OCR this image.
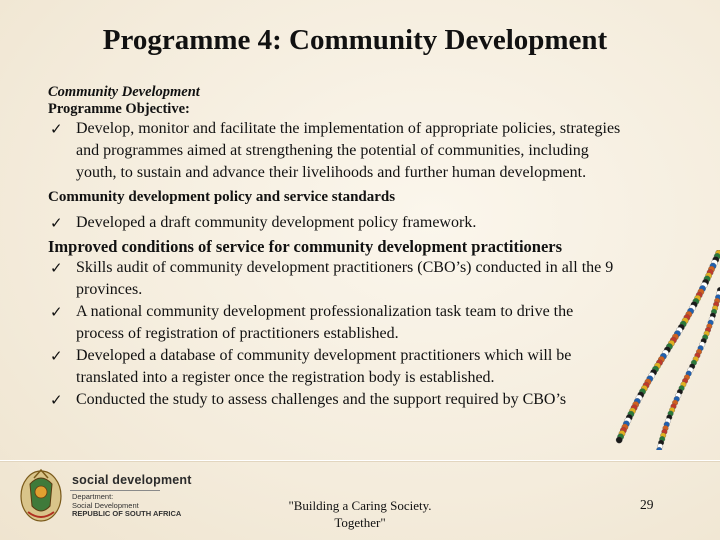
Programme 4: Community Development
Community Development
Programme Objective:
✓ Develop, monitor and facilitate the implementation of appropriate policies, strategies
and programmes aimed at strengthening the potential of communities, including
youth, to sustain and advance their livelihoods and further human development.
Community development policy and service standards
✓ Developed a draft community development policy framework.
Improved conditions of service for community development practitioners
✓ Skills audit of community development practitioners (CBO’s) conducted in all the 9
provinces.
✓ A national community development professionalization task team to drive the
process of registration of practitioners established.
✓ Developed a database of community development practitioners which will be
translated into a register once the registration body is established.
✓ Conducted the study to assess challenges and the support required by CBO’s
social development
Department:
Social Development
REPUBLIC OF SOUTH AFRICA
"Building a Caring Society.
Together"
29
